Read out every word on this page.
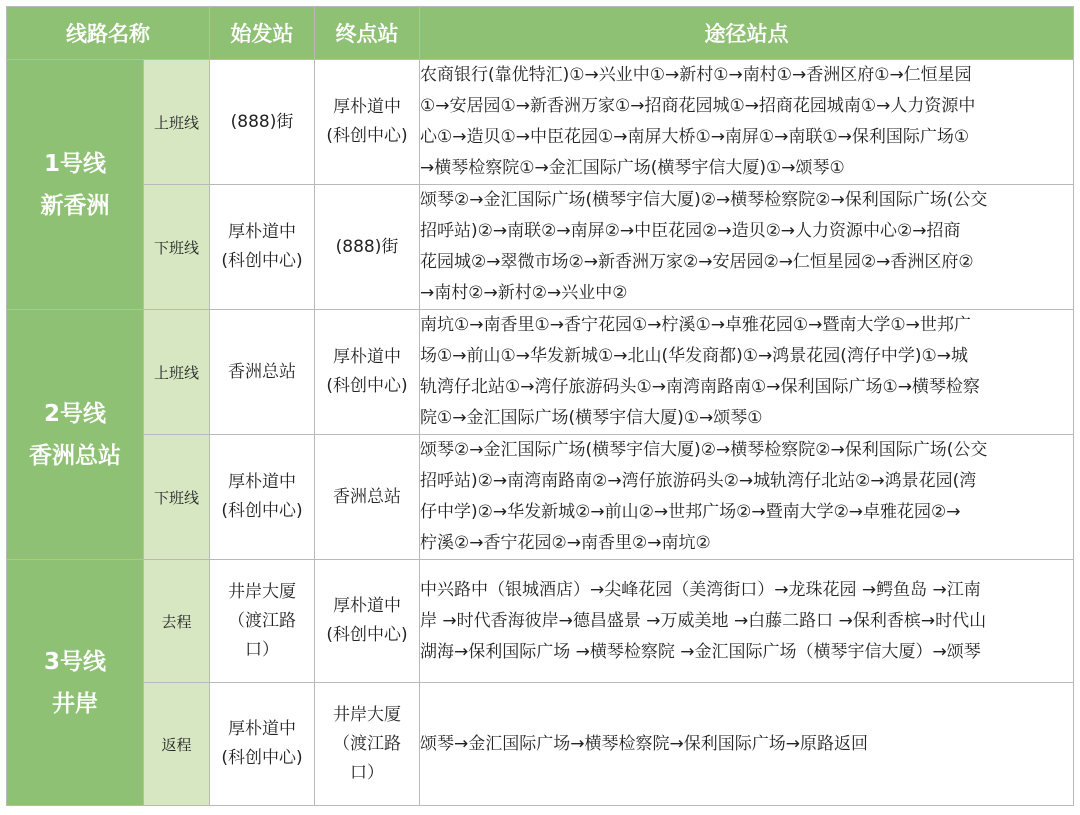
线路名称		始发站	终点站	途径站点

1号线
新香洲	上班线	(888)街	厚朴道中
(科创中心)	农商银行(靠优特汇)①→兴业中①→新村①→南村①→香洲区府①→仁恒星园
①→安居园①→新香洲万家①→招商花园城①→招商花园城南①→人力资源中
心①→造贝①→中臣花园①→南屏大桥①→南屏①→南联①→保利国际广场①
→横琴检察院①→金汇国际广场(横琴宇信大厦)①→颂琴①

	下班线	厚朴道中
(科创中心)	(888)街	颂琴②→金汇国际广场(横琴宇信大厦)②→横琴检察院②→保利国际广场(公交
招呼站)②→南联②→南屏②→中臣花园②→造贝②→人力资源中心②→招商
花园城②→翠微市场②→新香洲万家②→安居园②→仁恒星园②→香洲区府②
→南村②→新村②→兴业中②

2号线
香洲总站	上班线	香洲总站	厚朴道中
(科创中心)	南坑①→南香里①→香宁花园①→柠溪①→卓雅花园①→暨南大学①→世邦广
场①→前山①→华发新城①→北山(华发商都)①→鸿景花园(湾仔中学)①→城
轨湾仔北站①→湾仔旅游码头①→南湾南路南①→保利国际广场①→横琴检察
院①→金汇国际广场(横琴宇信大厦)①→颂琴①

	下班线	厚朴道中
(科创中心)	香洲总站	颂琴②→金汇国际广场(横琴宇信大厦)②→横琴检察院②→保利国际广场(公交
招呼站)②→南湾南路南②→湾仔旅游码头②→城轨湾仔北站②→鸿景花园(湾
仔中学)②→华发新城②→前山②→世邦广场②→暨南大学②→卓雅花园②→
柠溪②→香宁花园②→南香里②→南坑②

3号线
井岸	去程	井岸大厦
（渡江路
口）	厚朴道中
(科创中心)	中兴路中（银城酒店）→尖峰花园（美湾街口）→龙珠花园 →鳄鱼岛 →江南
岸 →时代香海彼岸→德昌盛景 →万威美地 →白藤二路口 →保利香槟→时代山
湖海→保利国际广场 →横琴检察院 →金汇国际广场（横琴宇信大厦）→颂琴

	返程	厚朴道中
(科创中心)	井岸大厦
（渡江路
口）	颂琴→金汇国际广场→横琴检察院→保利国际广场→原路返回
